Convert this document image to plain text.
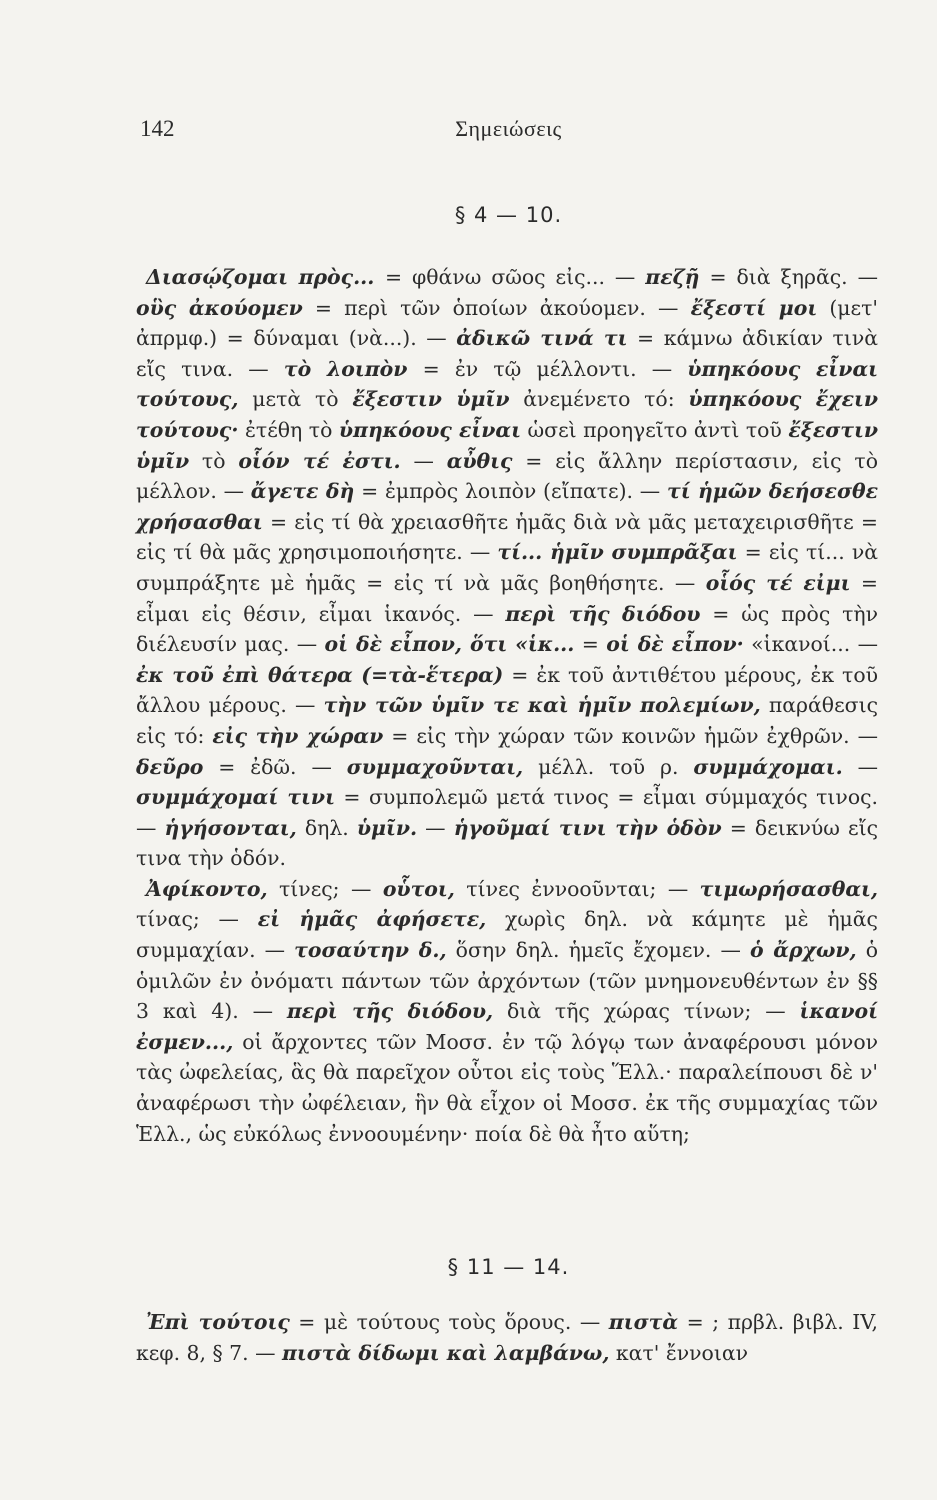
142	Σημειώσεις
§ 4 — 10.

Διασῴζομαι πρὸς... = φθάνω σῶος εἰς... — πεζῇ = διὰ ξηρᾶς. — οὓς ἀκούομεν = περὶ τῶν ὁποίων ἀκούομεν. — ἔξεστί μοι (μετ' ἀπρμφ.) = δύναμαι (νὰ...). — ἀδικῶ τινά τι = κάμνω ἀδικίαν τινὰ εἴς τινα. — τὸ λοιπὸν = ἐν τῷ μέλλοντι. — ὑπηκόους εἶναι τούτους, μετὰ τὸ ἔξεστιν ὑμῖν ἀνεμένετο τό: ὑπηκόους ἔχειν τούτους· ἐτέθη τὸ ὑπηκόους εἶναι ὡσεὶ προηγεῖτο ἀντὶ τοῦ ἔξεστιν ὑμῖν τὸ οἷόν τέ ἐστι. — αὖθις = εἰς ἄλλην περίστασιν, εἰς τὸ μέλλον. — ἄγετε δὴ = ἐμπρὸς λοιπὸν (εἴπατε). — τί ἡμῶν δεήσεσθε χρήσασθαι = εἰς τί θὰ χρειασθῆτε ἡμᾶς διὰ νὰ μᾶς μεταχειρισθῆτε = εἰς τί θὰ μᾶς χρησιμοποιήσητε. — τί... ἡμῖν συμπρᾶξαι = εἰς τί... νὰ συμπράξητε μὲ ἡμᾶς = εἰς τί νὰ μᾶς βοηθήσητε. — οἷός τέ εἰμι = εἶμαι εἰς θέσιν, εἶμαι ἱκανός. — περὶ τῆς διόδου = ὡς πρὸς τὴν διέλευσίν μας. — οἱ δὲ εἶπον, ὅτι «ἱκ... = οἱ δὲ εἶπον· «ἱκανοί... — ἐκ τοῦ ἐπὶ θάτερα (=τὰ-ἕτερα) = ἐκ τοῦ ἀντιθέτου μέρους, ἐκ τοῦ ἄλλου μέρους. — τὴν τῶν ὑμῖν τε καὶ ἡμῖν πολεμίων, παράθεσις εἰς τό: εἰς τὴν χώραν = εἰς τὴν χώραν τῶν κοινῶν ἡμῶν ἐχθρῶν. — δεῦρο = ἐδῶ. — συμμαχοῦνται, μέλλ. τοῦ ρ. συμμάχομαι. — συμμάχομαί τινι = συμπολεμῶ μετά τινος = εἶμαι σύμμαχός τινος. — ἡγήσονται, δηλ. ὑμῖν. — ἡγοῦμαί τινι τὴν ὁδὸν = δεικνύω εἴς τινα τὴν ὁδόν.

Ἀφίκοντο, τίνες; — οὗτοι, τίνες ἐννοοῦνται; — τιμωρήσασθαι, τίνας; — εἰ ἡμᾶς ἀφήσετε, χωρὶς δηλ. νὰ κάμητε μὲ ἡμᾶς συμμαχίαν. — τοσαύτην δ., ὅσην δηλ. ἡμεῖς ἔχομεν. — ὁ ἄρχων, ὁ ὁμιλῶν ἐν ὀνόματι πάντων τῶν ἀρχόντων (τῶν μνημονευθέντων ἐν §§ 3 καὶ 4). — περὶ τῆς διόδου, διὰ τῆς χώρας τίνων; — ἱκανοί ἐσμεν..., οἱ ἄρχοντες τῶν Μοσσ. ἐν τῷ λόγῳ των ἀναφέρουσι μόνον τὰς ὠφελείας, ἃς θὰ παρεῖχον οὗτοι εἰς τοὺς Ἕλλ.· παραλείπουσι δὲ ν' ἀναφέρωσι τὴν ὠφέλειαν, ἣν θὰ εἶχον οἱ Μοσσ. ἐκ τῆς συμμαχίας τῶν Ἑλλ., ὡς εὐκόλως ἐννοουμένην· ποία δὲ θὰ ἦτο αὕτη;

§ 11 — 14.

Ἐπὶ τούτοις = μὲ τούτους τοὺς ὅρους. — πιστὰ = ; πρβλ. βιβλ. IV, κεφ. 8, § 7. — πιστὰ δίδωμι καὶ λαμβάνω, κατ' ἔννοιαν
